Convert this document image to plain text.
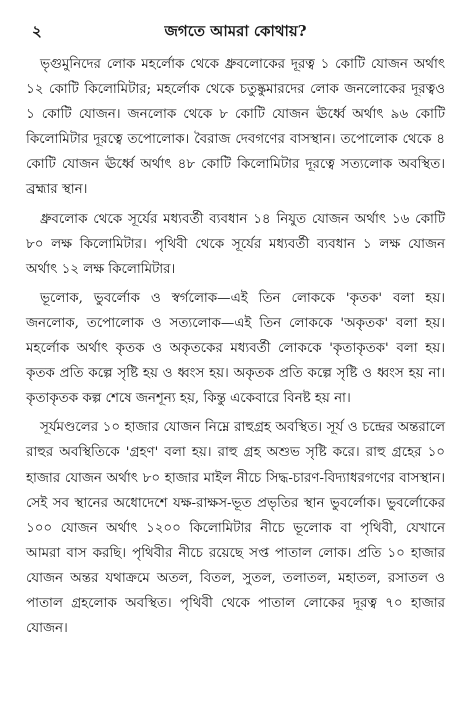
২	জগতে আমরা কোথায়?

ভৃগুমুনিদের লোক মহর্লোক থেকে ধ্রুবলোকের দূরত্ব ১ কোটি যোজন অর্থাৎ ১২ কোটি কিলোমিটার; মহর্লোক থেকে চতুষ্কুমারদের লোক জনলোকের দূরত্বও ১ কোটি যোজন। জনলোক থেকে ৮ কোটি যোজন ঊর্ধ্বে অর্থাৎ ৯৬ কোটি কিলোমিটার দূরত্বে তপোলোক। বৈরাজ দেবগণের বাসস্থান। তপোলোক থেকে ৪ কোটি যোজন ঊর্ধ্বে অর্থাৎ ৪৮ কোটি কিলোমিটার দূরত্বে সত্যলোক অবস্থিত। ব্রহ্মার স্থান।

ধ্রুবলোক থেকে সূর্যের মধ্যবর্তী ব্যবধান ১৪ নিযুত যোজন অর্থাৎ ১৬ কোটি ৮০ লক্ষ কিলোমিটার। পৃথিবী থেকে সূর্যের মধ্যবর্তী ব্যবধান ১ লক্ষ যোজন অর্থাৎ ১২ লক্ষ কিলোমিটার।

ভূলোক, ভুবর্লোক ও স্বর্গলোক—এই তিন লোককে 'কৃতক' বলা হয়। জনলোক, তপোলোক ও সত্যলোক—এই তিন লোককে 'অকৃতক' বলা হয়। মহর্লোক অর্থাৎ কৃতক ও অকৃতকের মধ্যবর্তী লোককে 'কৃতাকৃতক' বলা হয়। কৃতক প্রতি কল্পে সৃষ্টি হয় ও ধ্বংস হয়। অকৃতক প্রতি কল্পে সৃষ্টি ও ধ্বংস হয় না। কৃতাকৃতক কল্প শেষে জনশূন্য হয়, কিন্তু একেবারে বিনষ্ট হয় না।

সূর্যমণ্ডলের ১০ হাজার যোজন নিম্নে রাহুগ্রহ অবস্থিত। সূর্য ও চন্দ্রের অন্তরালে রাহুর অবস্থিতিকে 'গ্রহণ' বলা হয়। রাহু গ্রহ অশুভ সৃষ্টি করে। রাহু গ্রহের ১০ হাজার যোজন অর্থাৎ ৮০ হাজার মাইল নীচে সিদ্ধ-চারণ-বিদ্যাধরগণের বাসস্থান। সেই সব স্থানের অধোদেশে যক্ষ-রাক্ষস-ভূত প্রভৃতির স্থান ভুবর্লোক। ভুবর্লোকের ১০০ যোজন অর্থাৎ ১২০০ কিলোমিটার নীচে ভূলোক বা পৃথিবী, যেখানে আমরা বাস করছি। পৃথিবীর নীচে রয়েছে সপ্ত পাতাল লোক। প্রতি ১০ হাজার যোজন অন্তর যথাক্রমে অতল, বিতল, সুতল, তলাতল, মহাতল, রসাতল ও পাতাল গ্রহলোক অবস্থিত। পৃথিবী থেকে পাতাল লোকের দূরত্ব ৭০ হাজার যোজন।
